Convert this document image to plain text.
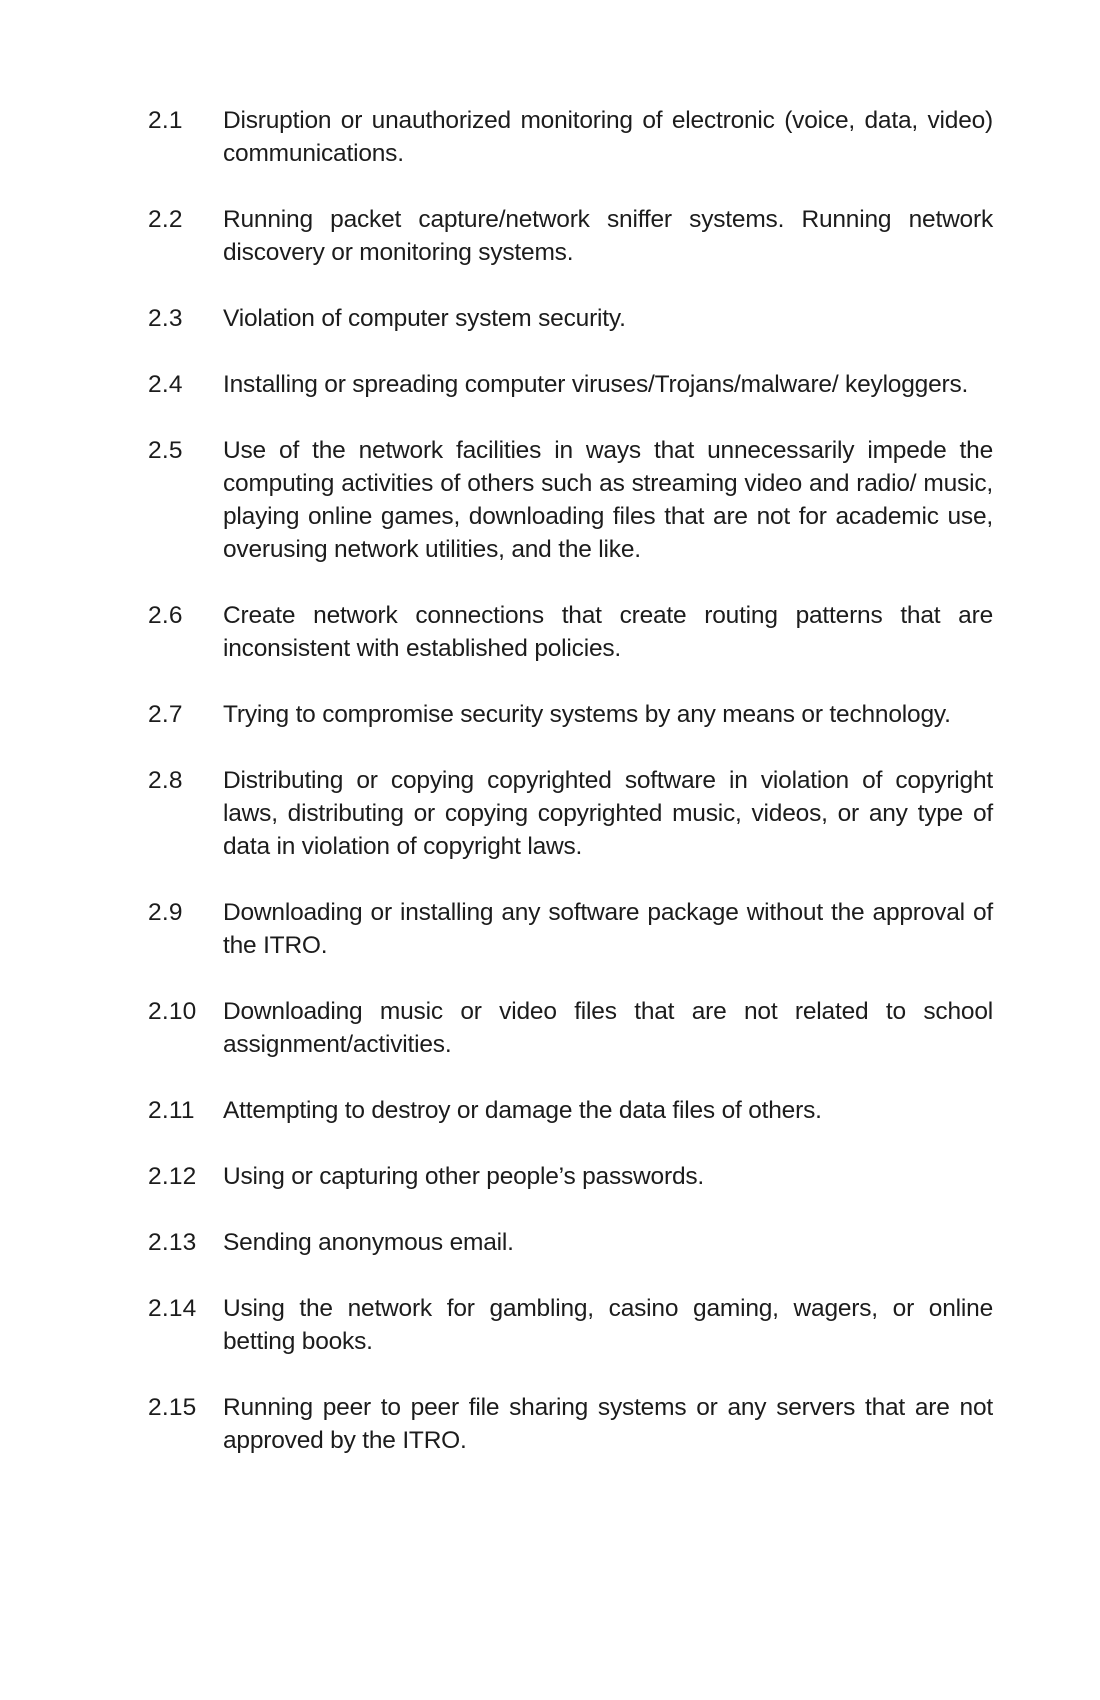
2.1	Disruption or unauthorized monitoring of electronic (voice, data, video) communications.
2.2	Running packet capture/network sniffer systems. Running network discovery or monitoring systems.
2.3	Violation of computer system security.
2.4	Installing or spreading computer viruses/Trojans/malware/ keyloggers.
2.5	Use of the network facilities in ways that unnecessarily impede the computing activities of others such as streaming video and radio/ music, playing online games, downloading files that are not for academic use, overusing network utilities, and the like.
2.6	Create network connections that create routing patterns that are inconsistent with established policies.
2.7	Trying to compromise security systems by any means or technology.
2.8	Distributing or copying copyrighted software in violation of copyright laws, distributing or copying copyrighted music, videos, or any type of data in violation of copyright laws.
2.9	Downloading or installing any software package without the approval of the ITRO.
2.10	Downloading music or video files that are not related to school assignment/activities.
2.11	Attempting to destroy or damage the data files of others.
2.12	Using or capturing other people’s passwords.
2.13	Sending anonymous email.
2.14	Using the network for gambling, casino gaming, wagers, or online betting books.
2.15	Running peer to peer file sharing systems or any servers that are not approved by the ITRO.
